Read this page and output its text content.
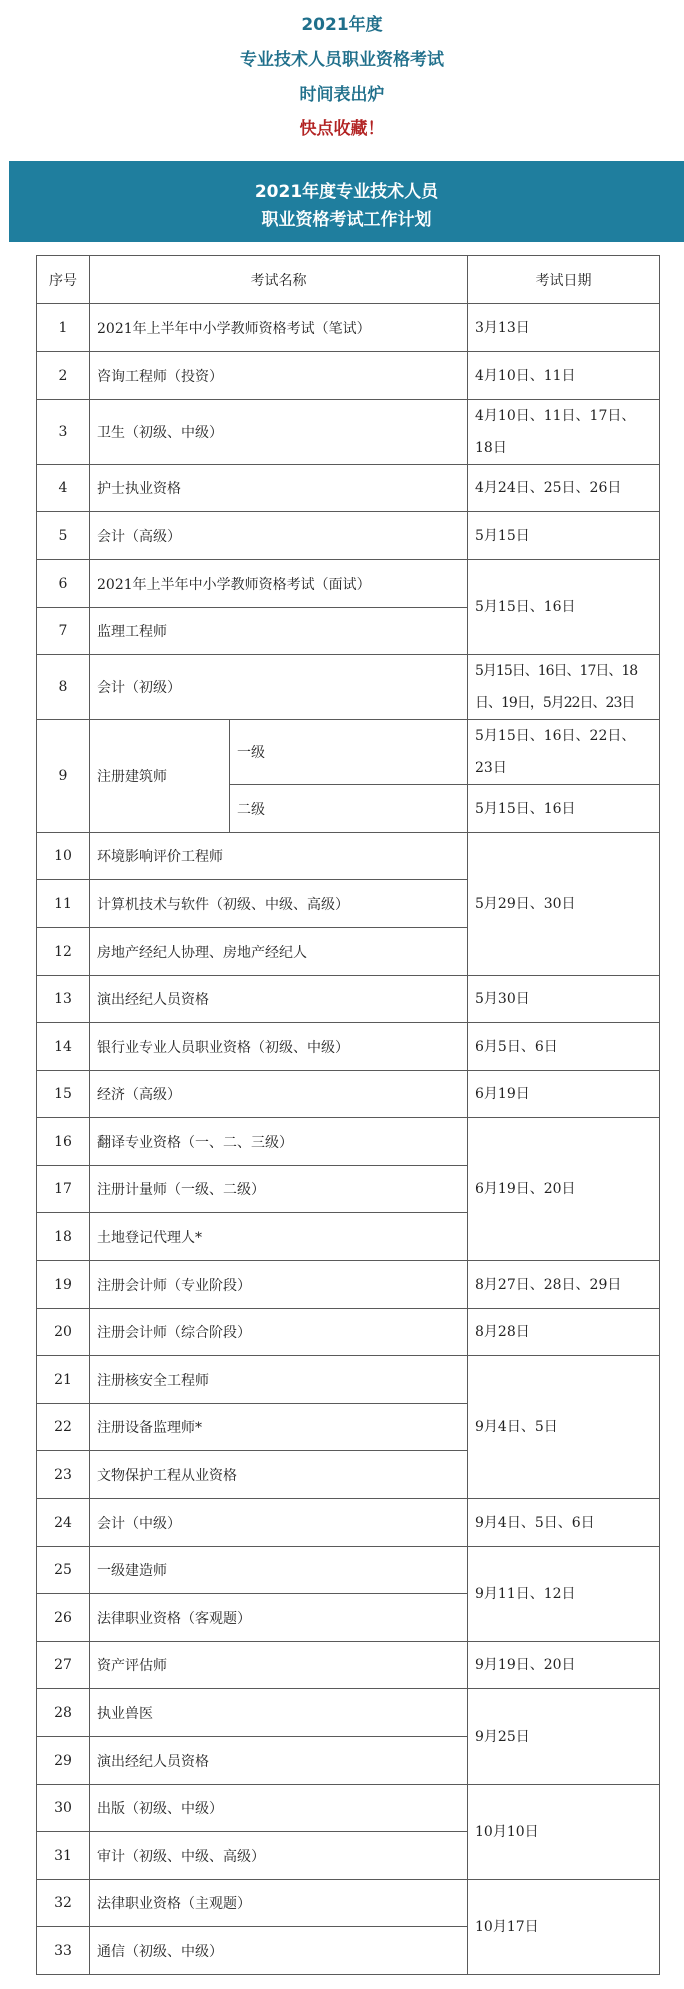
2021年度
专业技术人员职业资格考试
时间表出炉
快点收藏！
2021年度专业技术人员
职业资格考试工作计划
序号	考试名称		考试日期
1	2021年上半年中小学教师资格考试（笔试）		3月13日
2	咨询工程师（投资）		4月10日、11日
3	卫生（初级、中级）		4月10日、11日、17日、18日
4	护士执业资格		4月24日、25日、26日
5	会计（高级）		5月15日
6	2021年上半年中小学教师资格考试（面试）		5月15日、16日
7	监理工程师		
8	会计（初级）		5月15日、16日、17日、18日、19日，5月22日、23日
9	注册建筑师	一级	5月15日、16日、22日、23日
		二级	5月15日、16日
10	环境影响评价工程师		5月29日、30日
11	计算机技术与软件（初级、中级、高级）		
12	房地产经纪人协理、房地产经纪人		
13	演出经纪人员资格		5月30日
14	银行业专业人员职业资格（初级、中级）		6月5日、6日
15	经济（高级）		6月19日
16	翻译专业资格（一、二、三级）		6月19日、20日
17	注册计量师（一级、二级）		
18	土地登记代理人*		
19	注册会计师（专业阶段）		8月27日、28日、29日
20	注册会计师（综合阶段）		8月28日
21	注册核安全工程师		9月4日、5日
22	注册设备监理师*		
23	文物保护工程从业资格		
24	会计（中级）		9月4日、5日、6日
25	一级建造师		9月11日、12日
26	法律职业资格（客观题）		
27	资产评估师		9月19日、20日
28	执业兽医		9月25日
29	演出经纪人员资格		
30	出版（初级、中级）		10月10日
31	审计（初级、中级、高级）		
32	法律职业资格（主观题）		10月17日
33	通信（初级、中级）		
